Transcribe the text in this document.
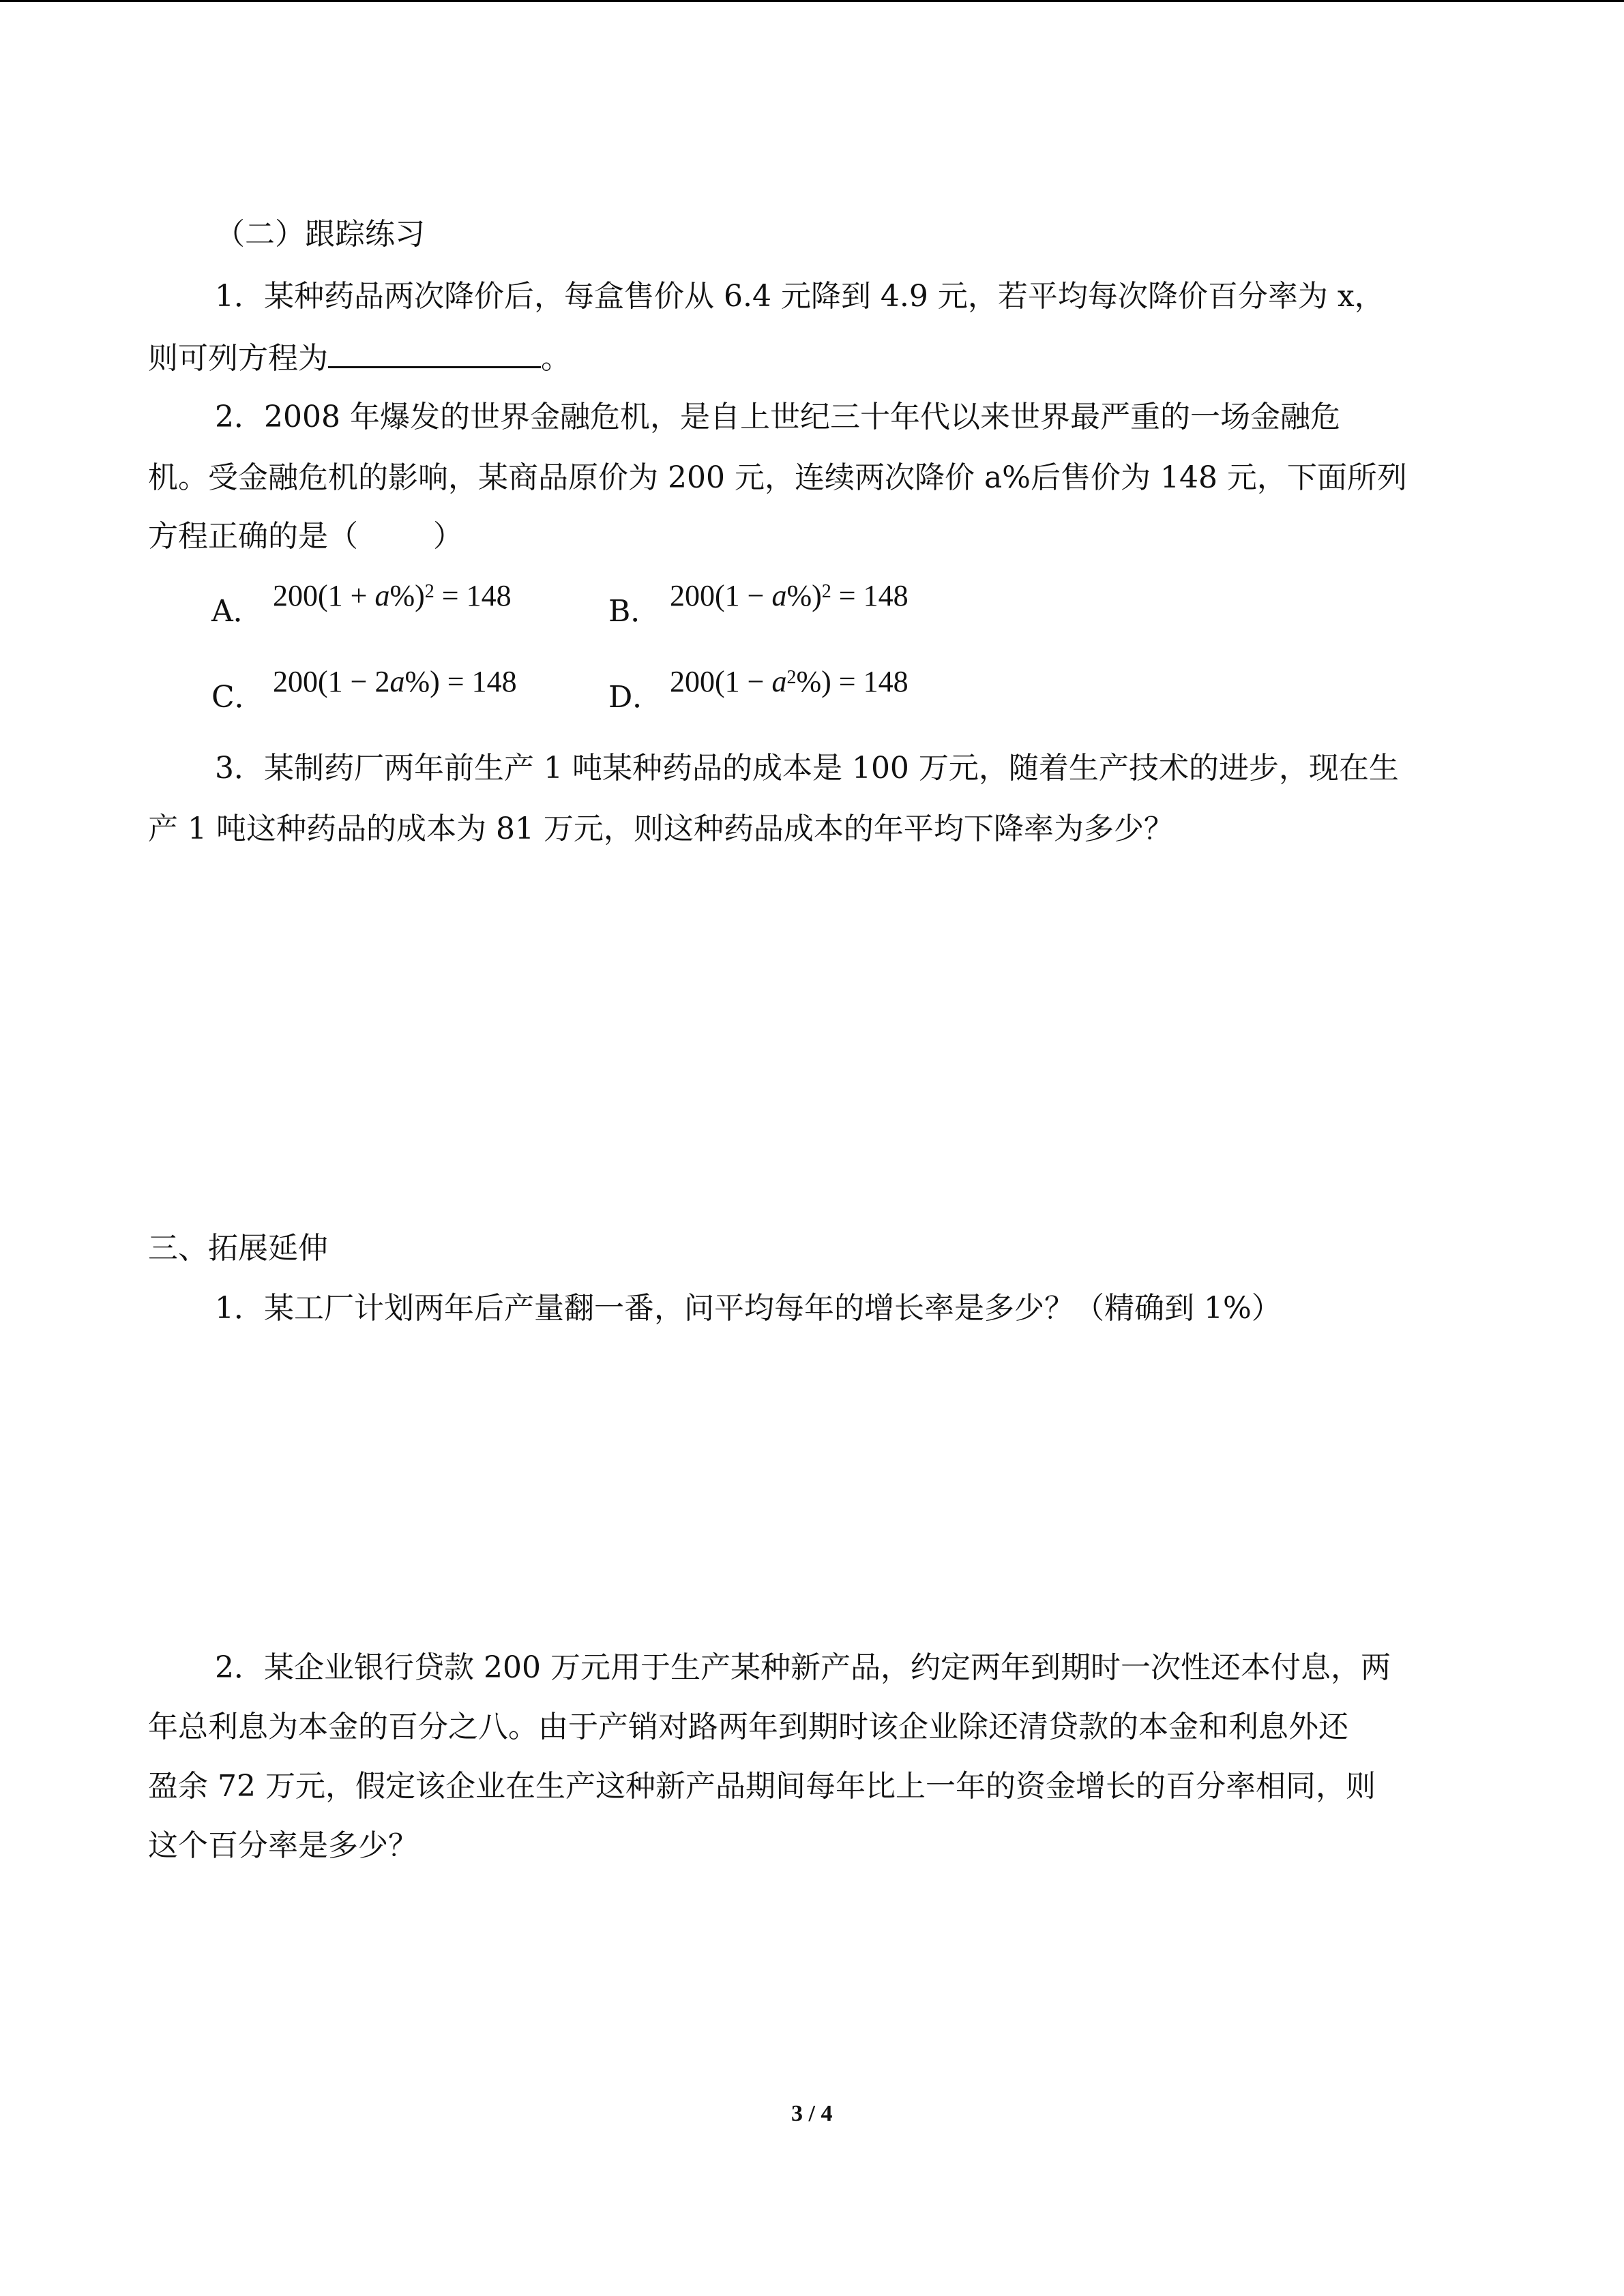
（二）跟踪练习
1．某种药品两次降价后，每盒售价从 6.4 元降到 4.9 元，若平均每次降价百分率为 x，
则可列方程为	。
2．2008 年爆发的世界金融危机，是自上世纪三十年代以来世界最严重的一场金融危
机。受金融危机的影响，某商品原价为 200 元，连续两次降价 a%后售价为 148 元，下面所列
方程正确的是（	）
A． $200(1 + a\%)^2 = 148$	B． $200(1 - a\%)^2 = 148$
C． 200(1 − 2a%) = 148	D． $200(1 - a^2\%) = 148$
3．某制药厂两年前生产 1 吨某种药品的成本是 100 万元，随着生产技术的进步，现在生
产 1 吨这种药品的成本为 81 万元，则这种药品成本的年平均下降率为多少？
三、拓展延伸
1．某工厂计划两年后产量翻一番，问平均每年的增长率是多少？（精确到 1%）
2．某企业银行贷款 200 万元用于生产某种新产品，约定两年到期时一次性还本付息，两
年总利息为本金的百分之八。由于产销对路两年到期时该企业除还清贷款的本金和利息外还
盈余 72 万元，假定该企业在生产这种新产品期间每年比上一年的资金增长的百分率相同，则
这个百分率是多少？
3 / 4
